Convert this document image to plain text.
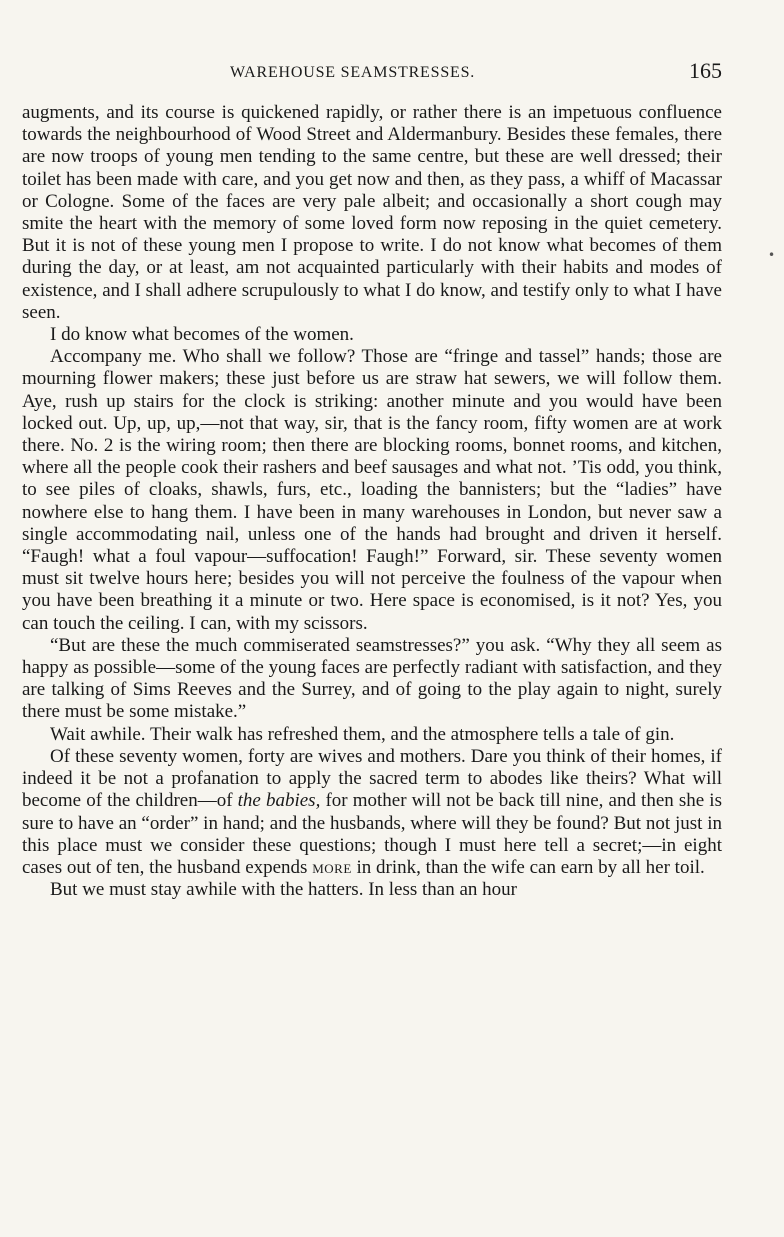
WAREHOUSE SEAMSTRESSES.	165

augments, and its course is quickened rapidly, or rather there is an impetuous confluence towards the neighbourhood of Wood Street and Aldermanbury. Besides these females, there are now troops of young men tending to the same centre, but these are well dressed; their toilet has been made with care, and you get now and then, as they pass, a whiff of Macassar or Cologne. Some of the faces are very pale albeit; and occasionally a short cough may smite the heart with the memory of some loved form now reposing in the quiet cemetery. But it is not of these young men I propose to write. I do not know what becomes of them during the day, or at least, am not acquainted particularly with their habits and modes of existence, and I shall adhere scrupulously to what I do know, and testify only to what I have seen.

I do know what becomes of the women.

Accompany me. Who shall we follow? Those are “fringe and tassel” hands; those are mourning flower makers; these just before us are straw hat sewers, we will follow them. Aye, rush up stairs for the clock is striking: another minute and you would have been locked out. Up, up, up,—not that way, sir, that is the fancy room, fifty women are at work there. No. 2 is the wiring room; then there are blocking rooms, bonnet rooms, and kitchen, where all the people cook their rashers and beef sausages and what not. ’Tis odd, you think, to see piles of cloaks, shawls, furs, etc., loading the bannisters; but the “ladies” have nowhere else to hang them. I have been in many warehouses in London, but never saw a single accommodating nail, unless one of the hands had brought and driven it herself. “Faugh! what a foul vapour—suffocation! Faugh!” Forward, sir. These seventy women must sit twelve hours here; besides you will not perceive the foulness of the vapour when you have been breathing it a minute or two. Here space is economised, is it not? Yes, you can touch the ceiling. I can, with my scissors.

“But are these the much commiserated seamstresses?” you ask. “Why they all seem as happy as possible—some of the young faces are perfectly radiant with satisfaction, and they are talking of Sims Reeves and the Surrey, and of going to the play again to night, surely there must be some mistake.”

Wait awhile. Their walk has refreshed them, and the atmosphere tells a tale of gin.

Of these seventy women, forty are wives and mothers. Dare you think of their homes, if indeed it be not a profanation to apply the sacred term to abodes like theirs? What will become of the children—of the babies, for mother will not be back till nine, and then she is sure to have an “order” in hand; and the husbands, where will they be found? But not just in this place must we consider these questions; though I must here tell a secret;—in eight cases out of ten, the husband expends more in drink, than the wife can earn by all her toil.

But we must stay awhile with the hatters. In less than an hour

•
